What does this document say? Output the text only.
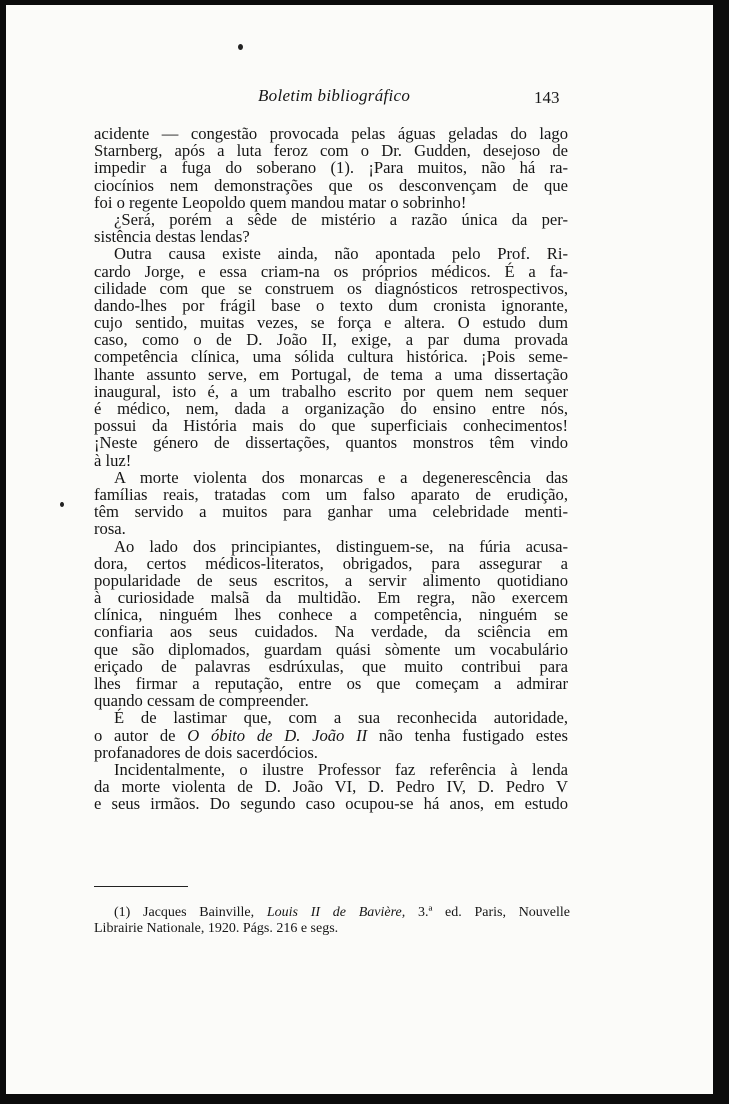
Boletim bibliográfico	143
acidente — congestão provocada pelas águas geladas do lago
Starnberg, após a luta feroz com o Dr. Gudden, desejoso de
impedir a fuga do soberano (1). ¡Para muitos, não há ra-
ciocínios nem demonstrações que os desconvençam de que
foi o regente Leopoldo quem mandou matar o sobrinho!
¿Será, porém a sêde de mistério a razão única da per-
sistência destas lendas?
Outra causa existe ainda, não apontada pelo Prof. Ri-
cardo Jorge, e essa criam-na os próprios médicos. É a fa-
cilidade com que se construem os diagnósticos retrospectivos,
dando-lhes por frágil base o texto dum cronista ignorante,
cujo sentido, muitas vezes, se força e altera. O estudo dum
caso, como o de D. João II, exige, a par duma provada
competência clínica, uma sólida cultura histórica. ¡Pois seme-
lhante assunto serve, em Portugal, de tema a uma dissertação
inaugural, isto é, a um trabalho escrito por quem nem sequer
é médico, nem, dada a organização do ensino entre nós,
possui da História mais do que superficiais conhecimentos!
¡Neste género de dissertações, quantos monstros têm vindo
à luz!
A morte violenta dos monarcas e a degenerescência das
famílias reais, tratadas com um falso aparato de erudição,
têm servido a muitos para ganhar uma celebridade menti-
rosa.
Ao lado dos principiantes, distinguem-se, na fúria acusa-
dora, certos médicos-literatos, obrigados, para assegurar a
popularidade de seus escritos, a servir alimento quotidiano
à curiosidade malsã da multidão. Em regra, não exercem
clínica, ninguém lhes conhece a competência, ninguém se
confiaria aos seus cuidados. Na verdade, da sciência em
que são diplomados, guardam quási sòmente um vocabulário
eriçado de palavras esdrúxulas, que muito contribui para
lhes firmar a reputação, entre os que começam a admirar
quando cessam de compreender.
É de lastimar que, com a sua reconhecida autoridade,
o autor de O óbito de D. João II não tenha fustigado estes
profanadores de dois sacerdócios.
Incidentalmente, o ilustre Professor faz referência à lenda
da morte violenta de D. João VI, D. Pedro IV, D. Pedro V
e seus irmãos. Do segundo caso ocupou-se há anos, em estudo
(1) Jacques Bainville, Louis II de Bavière, 3.ª ed. Paris, Nouvelle
Librairie Nationale, 1920. Págs. 216 e segs.
